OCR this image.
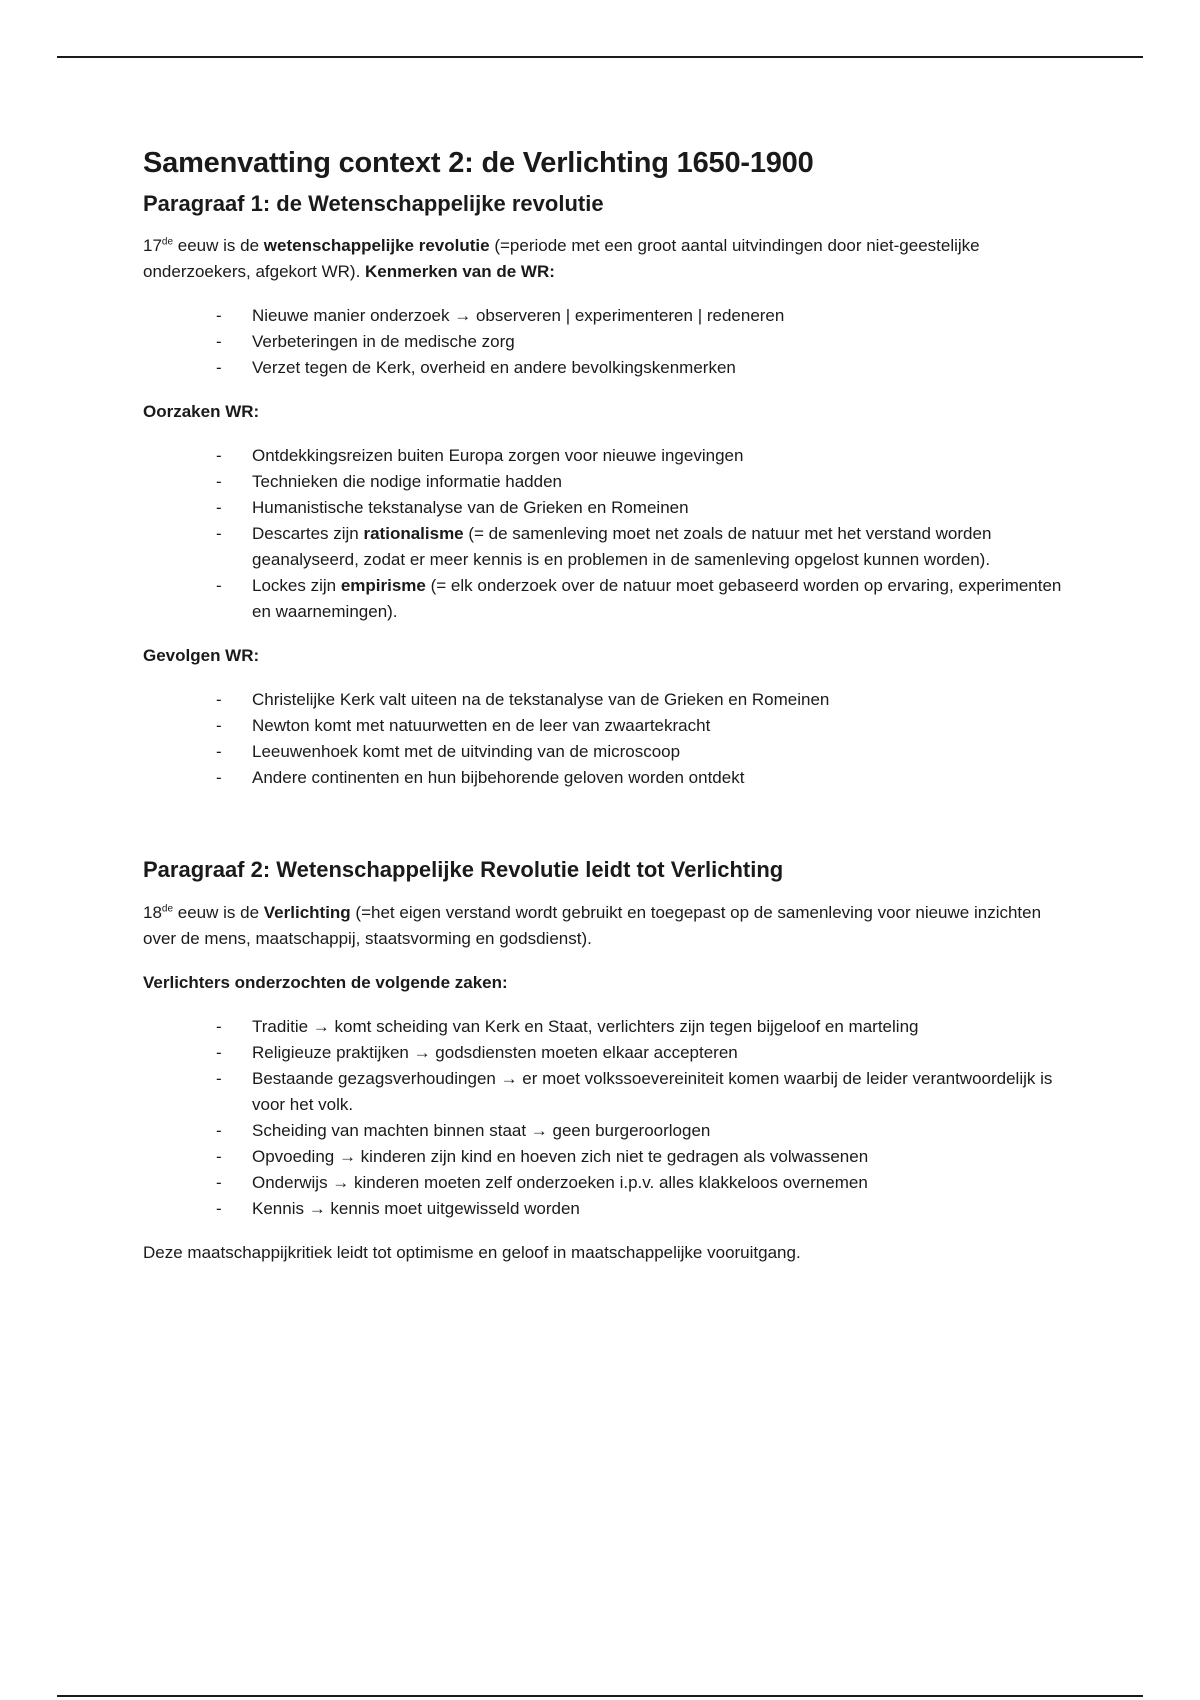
Samenvatting context 2: de Verlichting 1650-1900
Paragraaf 1: de Wetenschappelijke revolutie

17de eeuw is de wetenschappelijke revolutie (=periode met een groot aantal uitvindingen door niet-geestelijke onderzoekers, afgekort WR). Kenmerken van de WR:

- Nieuwe manier onderzoek → observeren | experimenteren | redeneren
- Verbeteringen in de medische zorg
- Verzet tegen de Kerk, overheid en andere bevolkingskenmerken

Oorzaken WR:

- Ontdekkingsreizen buiten Europa zorgen voor nieuwe ingevingen
- Technieken die nodige informatie hadden
- Humanistische tekstanalyse van de Grieken en Romeinen
- Descartes zijn rationalisme (= de samenleving moet net zoals de natuur met het verstand worden geanalyseerd, zodat er meer kennis is en problemen in de samenleving opgelost kunnen worden).
- Lockes zijn empirisme (= elk onderzoek over de natuur moet gebaseerd worden op ervaring, experimenten en waarnemingen).

Gevolgen WR:

- Christelijke Kerk valt uiteen na de tekstanalyse van de Grieken en Romeinen
- Newton komt met natuurwetten en de leer van zwaartekracht
- Leeuwenhoek komt met de uitvinding van de microscoop
- Andere continenten en hun bijbehorende geloven worden ontdekt
Paragraaf 2: Wetenschappelijke Revolutie leidt tot Verlichting

18de eeuw is de Verlichting (=het eigen verstand wordt gebruikt en toegepast op de samenleving voor nieuwe inzichten over de mens, maatschappij, staatsvorming en godsdienst).

Verlichters onderzochten de volgende zaken:

- Traditie → komt scheiding van Kerk en Staat, verlichters zijn tegen bijgeloof en marteling
- Religieuze praktijken → godsdiensten moeten elkaar accepteren
- Bestaande gezagsverhoudingen → er moet volkssoevereiniteit komen waarbij de leider verantwoordelijk is voor het volk.
- Scheiding van machten binnen staat → geen burgeroorlogen
- Opvoeding → kinderen zijn kind en hoeven zich niet te gedragen als volwassenen
- Onderwijs → kinderen moeten zelf onderzoeken i.p.v. alles klakkeloos overnemen
- Kennis → kennis moet uitgewisseld worden

Deze maatschappijkritiek leidt tot optimisme en geloof in maatschappelijke vooruitgang.
